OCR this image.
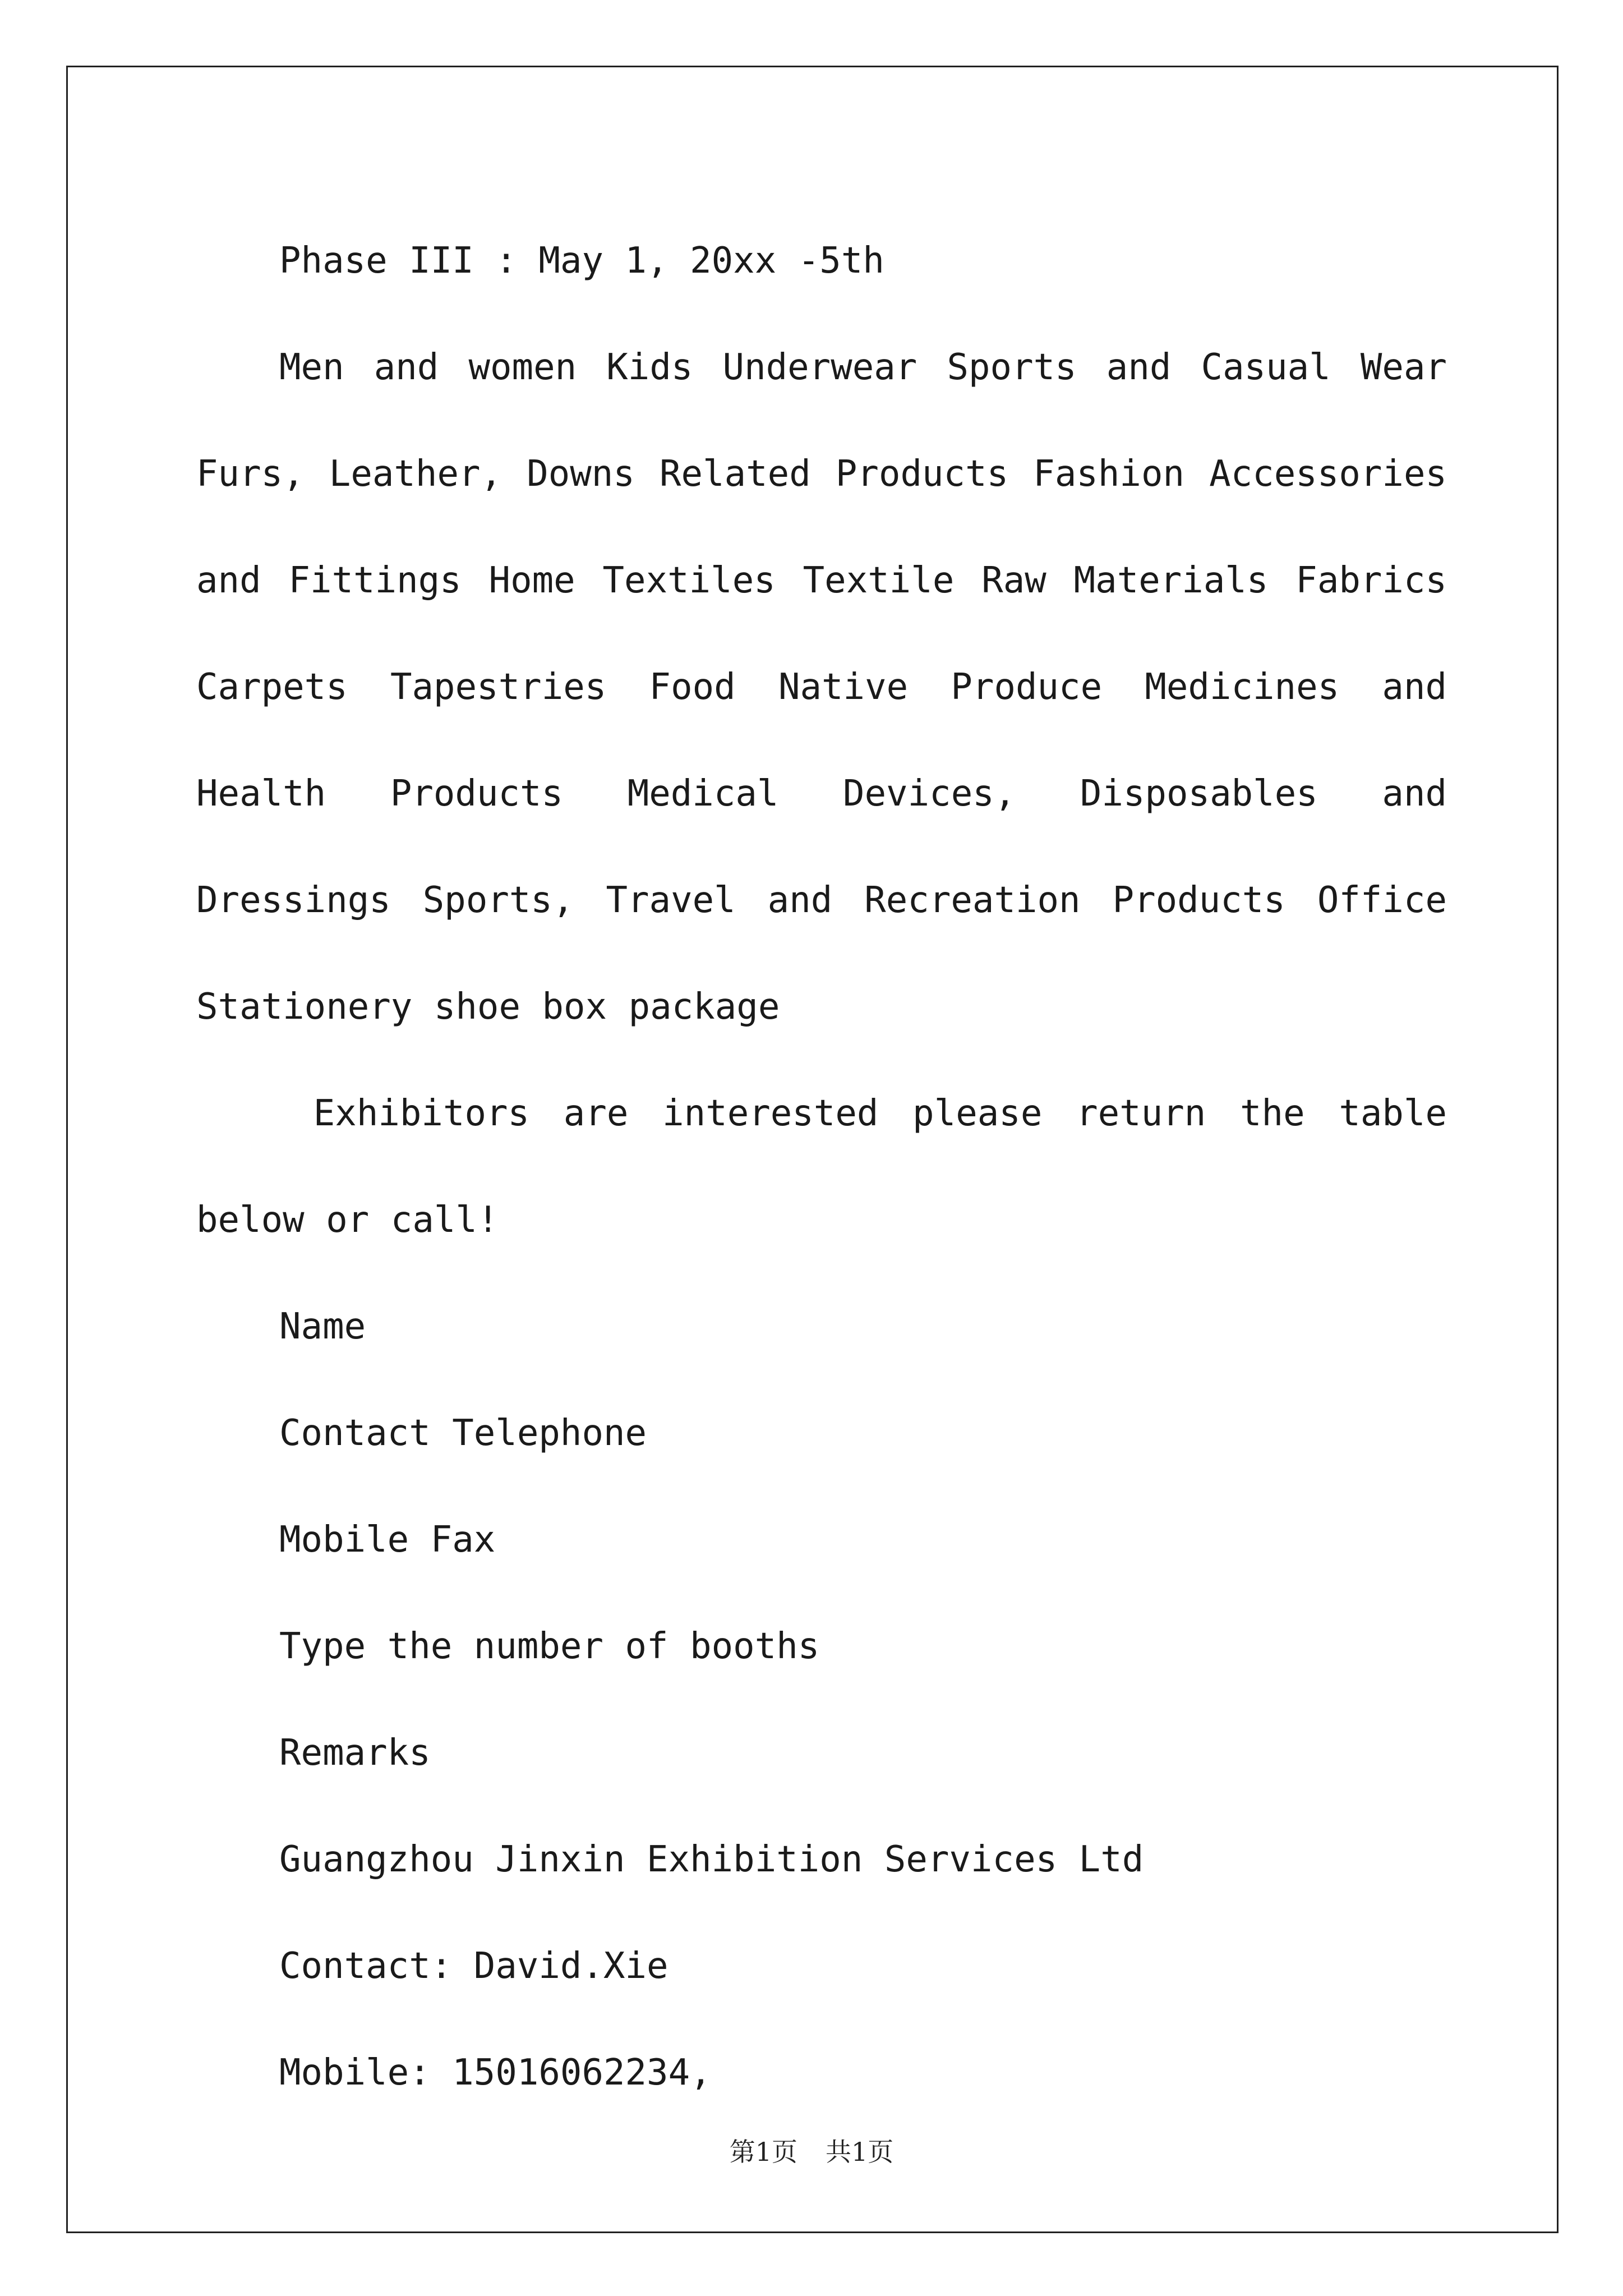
Phase III : May 1, 20xx -5th

Men and women Kids Underwear Sports and Casual Wear Furs, Leather, Downs Related Products Fashion Accessories and Fittings Home Textiles Textile Raw Materials Fabrics Carpets Tapestries Food Native Produce Medicines and Health Products Medical Devices, Disposables and Dressings Sports, Travel and Recreation Products Office Stationery shoe box package

Exhibitors are interested please return the table below or call!

Name

Contact Telephone

Mobile Fax

Type the number of booths

Remarks

Guangzhou Jinxin Exhibition Services Ltd

Contact: David.Xie

Mobile: 15016062234,

第1页 共1页
